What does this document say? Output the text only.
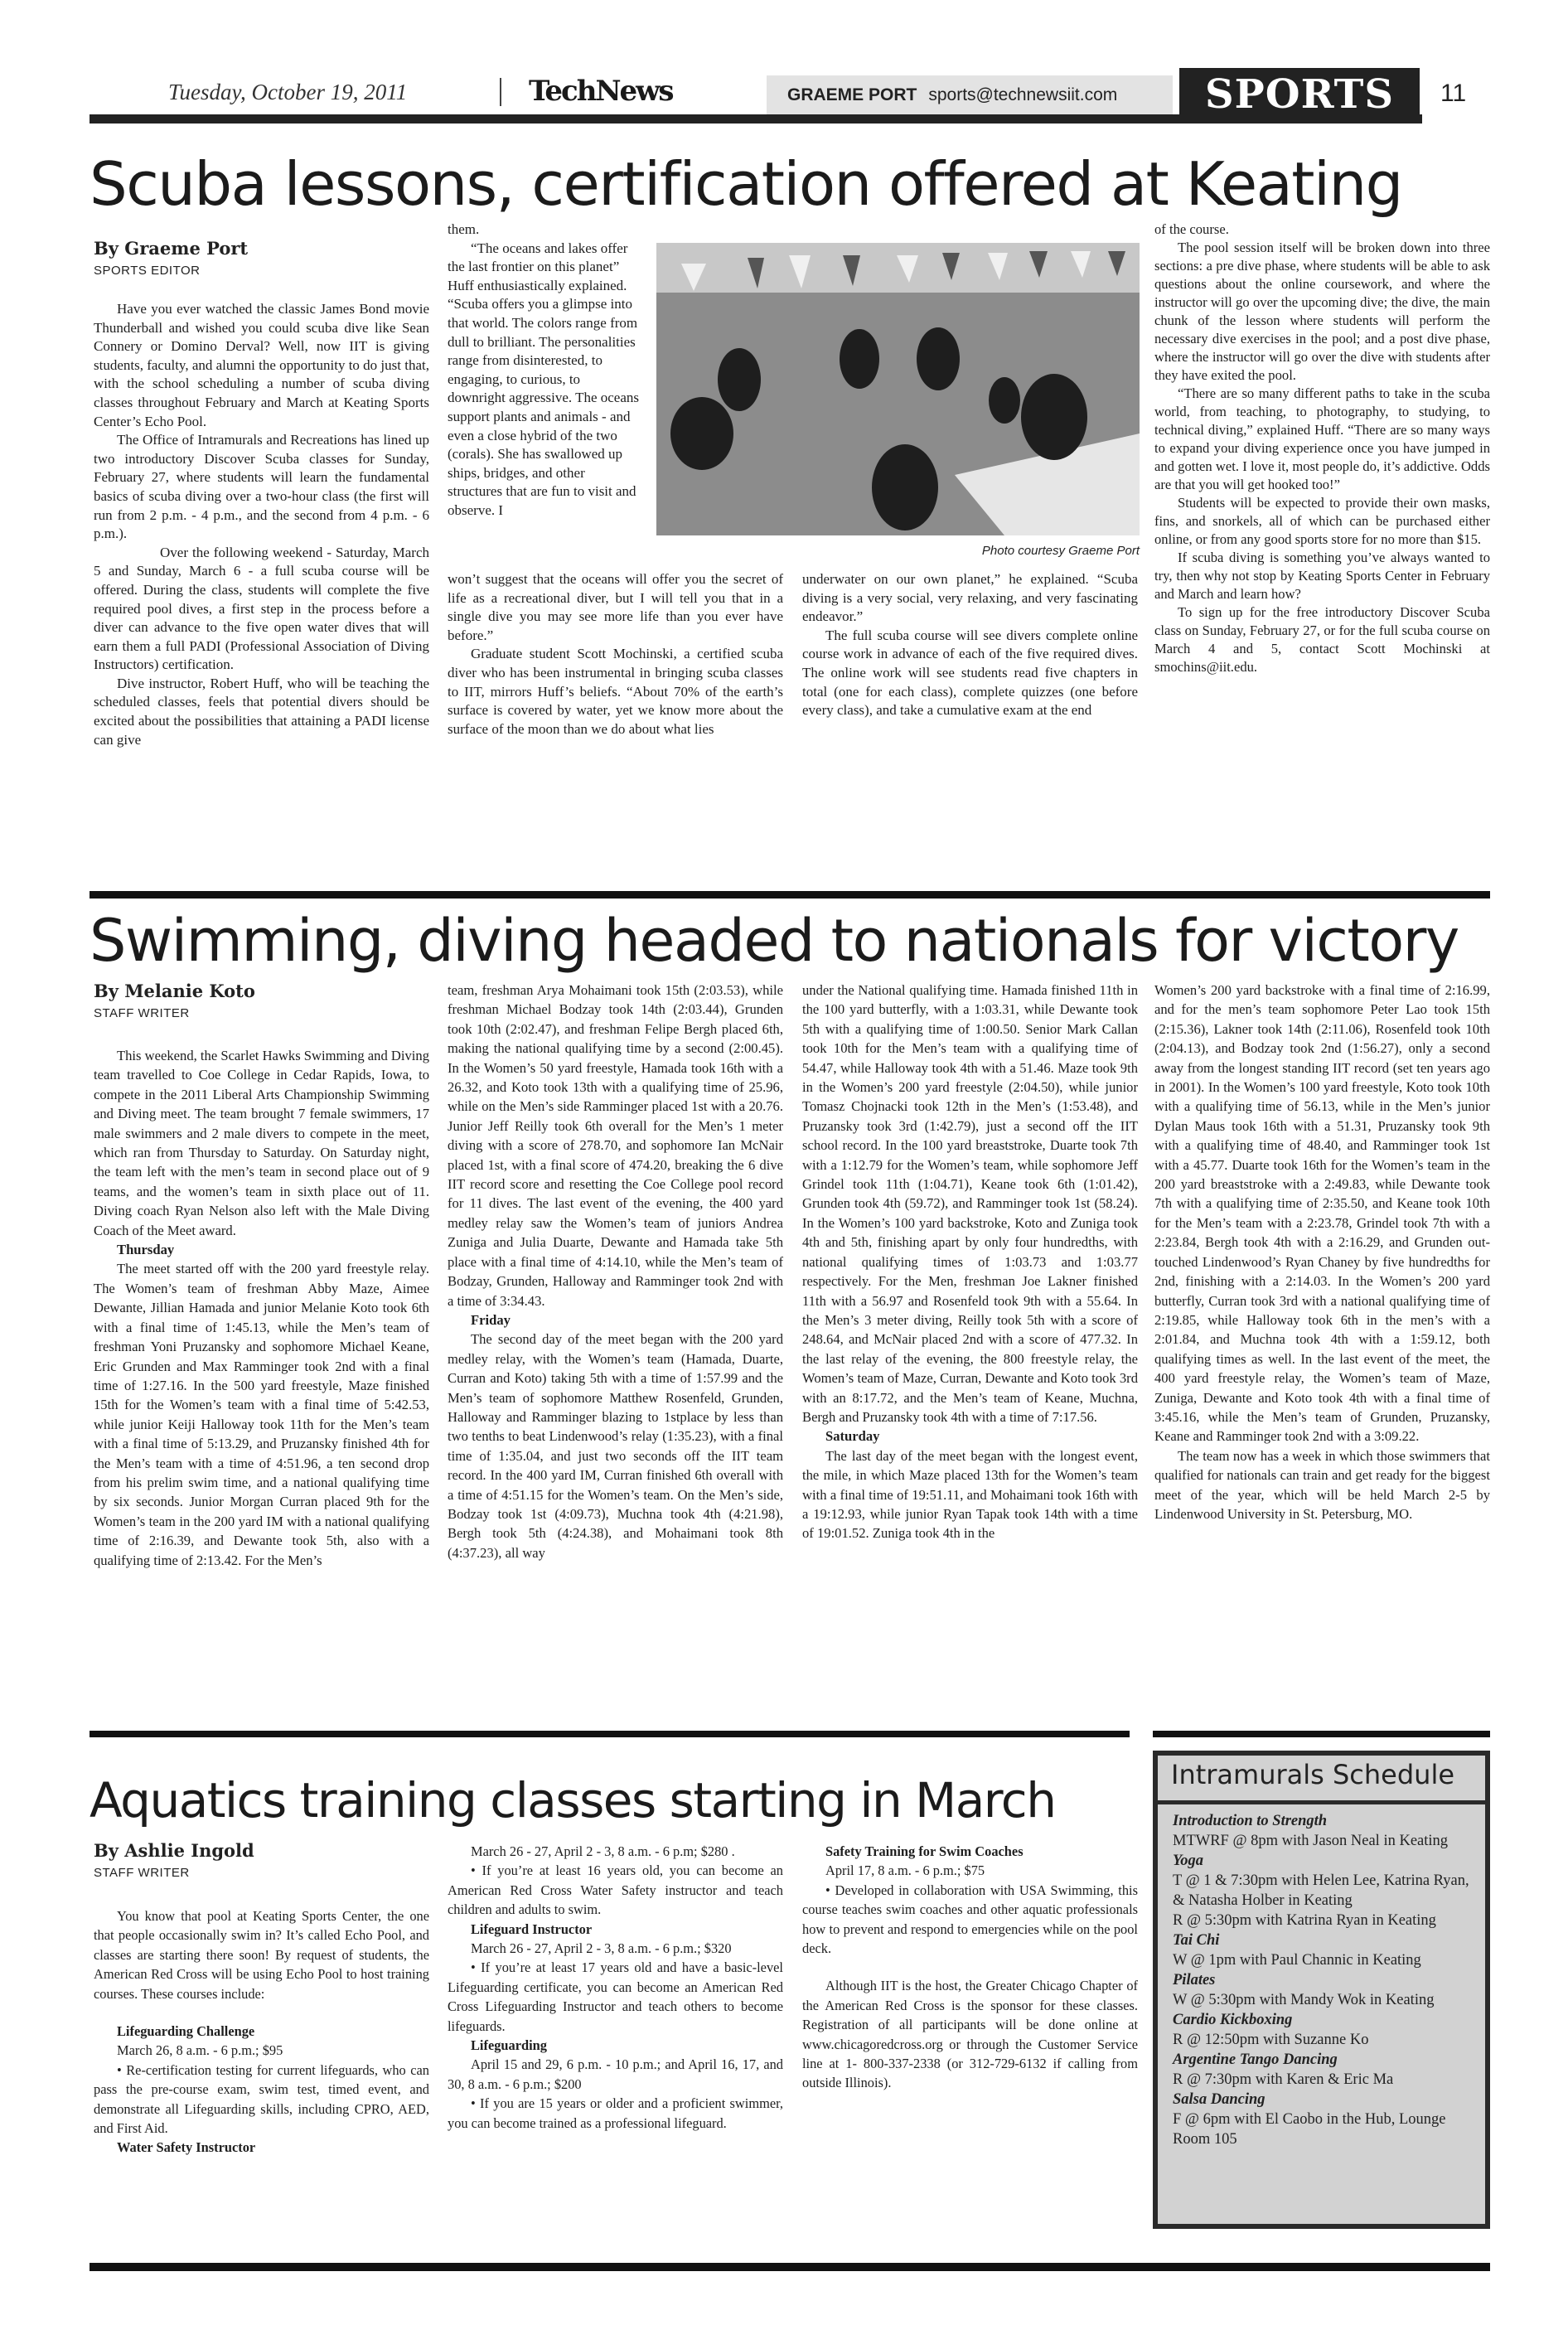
Tuesday, October 19, 2011	TechNews	GRAEME PORT sports@technewsiit.com	SPORTS	11
Scuba lessons, certification offered at Keating
By Graeme Port
SPORTS EDITOR

Have you ever watched the classic James Bond movie Thunderball and wished you could scuba dive like Sean Connery or Domino Derval? Well, now IIT is giving students, faculty, and alumni the opportunity to do just that, with the school scheduling a number of scuba diving classes throughout February and March at Keating Sports Center’s Echo Pool.

The Office of Intramurals and Recreations has lined up two introductory Discover Scuba classes for Sunday, February 27, where students will learn the fundamental basics of scuba diving over a two-hour class (the first will run from 2 p.m. - 4 p.m., and the second from 4 p.m. - 6 p.m.).

Over the following weekend - Saturday, March 5 and Sunday, March 6 - a full scuba course will be offered. During the class, students will complete the five required pool dives, a first step in the process before a diver can advance to the five open water dives that will earn them a full PADI (Professional Association of Diving Instructors) certification.

Dive instructor, Robert Huff, who will be teaching the scheduled classes, feels that potential divers should be excited about the possibilities that attaining a PADI license can give

them.

“The oceans and lakes offer the last frontier on this planet” Huff enthusiastically explained. “Scuba offers you a glimpse into that world. The colors range from dull to brilliant. The personalities range from disinterested, to engaging, to curious, to downright aggressive. The oceans support plants and animals - and even a close hybrid of the two (corals). She has swallowed up ships, bridges, and other structures that are fun to visit and observe. I

Photo courtesy Graeme Port

won’t suggest that the oceans will offer you the secret of life as a recreational diver, but I will tell you that in a single dive you may see more life than you ever have before.”

Graduate student Scott Mochinski, a certified scuba diver who has been instrumental in bringing scuba classes to IIT, mirrors Huff’s beliefs. “About 70% of the earth’s surface is covered by water, yet we know more about the surface of the moon than we do about what lies

underwater on our own planet,” he explained. “Scuba diving is a very social, very relaxing, and very fascinating endeavor.”

The full scuba course will see divers complete online course work in advance of each of the five required dives. The online work will see students read five chapters in total (one for each class), complete quizzes (one before every class), and take a cumulative exam at the end

of the course.

The pool session itself will be broken down into three sections: a pre dive phase, where students will be able to ask questions about the online coursework, and where the instructor will go over the upcoming dive; the dive, the main chunk of the lesson where students will perform the necessary dive exercises in the pool; and a post dive phase, where the instructor will go over the dive with students after they have exited the pool.

“There are so many different paths to take in the scuba world, from teaching, to photography, to studying, to technical diving,” explained Huff. “There are so many ways to expand your diving experience once you have jumped in and gotten wet. I love it, most people do, it’s addictive. Odds are that you will get hooked too!”

Students will be expected to provide their own masks, fins, and snorkels, all of which can be purchased either online, or from any good sports store for no more than $15.

If scuba diving is something you’ve always wanted to try, then why not stop by Keating Sports Center in February and March and learn how?

To sign up for the free introductory Discover Scuba class on Sunday, February 27, or for the full scuba course on March 4 and 5, contact Scott Mochinski at smochins@iit.edu.

Swimming, diving headed to nationals for victory
By Melanie Koto
STAFF WRITER

This weekend, the Scarlet Hawks Swimming and Diving team travelled to Coe College in Cedar Rapids, Iowa, to compete in the 2011 Liberal Arts Championship Swimming and Diving meet. The team brought 7 female swimmers, 17 male swimmers and 2 male divers to compete in the meet, which ran from Thursday to Saturday. On Saturday night, the team left with the men’s team in second place out of 9 teams, and the women’s team in sixth place out of 11. Diving coach Ryan Nelson also left with the Male Diving Coach of the Meet award.

Thursday

The meet started off with the 200 yard freestyle relay. The Women’s team of freshman Abby Maze, Aimee Dewante, Jillian Hamada and junior Melanie Koto took 6th with a final time of 1:45.13, while the Men’s team of freshman Yoni Pruzansky and sophomore Michael Keane, Eric Grunden and Max Ramminger took 2nd with a final time of 1:27.16. In the 500 yard freestyle, Maze finished 15th for the Women’s team with a final time of 5:42.53, while junior Keiji Halloway took 11th for the Men’s team with a final time of 5:13.29, and Pruzansky finished 4th for the Men’s team with a time of 4:51.96, a ten second drop from his prelim swim time, and a national qualifying time by six seconds. Junior Morgan Curran placed 9th for the Women’s team in the 200 yard IM with a national qualifying time of 2:16.39, and Dewante took 5th, also with a qualifying time of 2:13.42. For the Men’s

team, freshman Arya Mohaimani took 15th (2:03.53), while freshman Michael Bodzay took 14th (2:03.44), Grunden took 10th (2:02.47), and freshman Felipe Bergh placed 6th, making the national qualifying time by a second (2:00.45). In the Women’s 50 yard freestyle, Hamada took 16th with a 26.32, and Koto took 13th with a qualifying time of 25.96, while on the Men’s side Ramminger placed 1st with a 20.76. Junior Jeff Reilly took 6th overall for the Men’s 1 meter diving with a score of 278.70, and sophomore Ian McNair placed 1st, with a final score of 474.20, breaking the 6 dive IIT record score and resetting the Coe College pool record for 11 dives. The last event of the evening, the 400 yard medley relay saw the Women’s team of juniors Andrea Zuniga and Julia Duarte, Dewante and Hamada take 5th place with a final time of 4:14.10, while the Men’s team of Bodzay, Grunden, Halloway and Ramminger took 2nd with a time of 3:34.43.

Friday

The second day of the meet began with the 200 yard medley relay, with the Women’s team (Hamada, Duarte, Curran and Koto) taking 5th with a time of 1:57.99 and the Men’s team of sophomore Matthew Rosenfeld, Grunden, Halloway and Ramminger blazing to 1stplace by less than two tenths to beat Lindenwood’s relay (1:35.23), with a final time of 1:35.04, and just two seconds off the IIT team record. In the 400 yard IM, Curran finished 6th overall with a time of 4:51.15 for the Women’s team. On the Men’s side, Bodzay took 1st (4:09.73), Muchna took 4th (4:21.98), Bergh took 5th (4:24.38), and Mohaimani took 8th (4:37.23), all way

under the National qualifying time. Hamada finished 11th in the 100 yard butterfly, with a 1:03.31, while Dewante took 5th with a qualifying time of 1:00.50. Senior Mark Callan took 10th for the Men’s team with a qualifying time of 54.47, while Halloway took 4th with a 51.46. Maze took 9th in the Women’s 200 yard freestyle (2:04.50), while junior Tomasz Chojnacki took 12th in the Men’s (1:53.48), and Pruzansky took 3rd (1:42.79), just a second off the IIT school record. In the 100 yard breaststroke, Duarte took 7th with a 1:12.79 for the Women’s team, while sophomore Jeff Grindel took 11th (1:04.71), Keane took 6th (1:01.42), Grunden took 4th (59.72), and Ramminger took 1st (58.24). In the Women’s 100 yard backstroke, Koto and Zuniga took 4th and 5th, finishing apart by only four hundredths, with national qualifying times of 1:03.73 and 1:03.77 respectively. For the Men, freshman Joe Lakner finished 11th with a 56.97 and Rosenfeld took 9th with a 55.64. In the Men’s 3 meter diving, Reilly took 5th with a score of 248.64, and McNair placed 2nd with a score of 477.32. In the last relay of the evening, the 800 freestyle relay, the Women’s team of Maze, Curran, Dewante and Koto took 3rd with an 8:17.72, and the Men’s team of Keane, Muchna, Bergh and Pruzansky took 4th with a time of 7:17.56.

Saturday

The last day of the meet began with the longest event, the mile, in which Maze placed 13th for the Women’s team with a final time of 19:51.11, and Mohaimani took 16th with a 19:12.93, while junior Ryan Tapak took 14th with a time of 19:01.52. Zuniga took 4th in the

Women’s 200 yard backstroke with a final time of 2:16.99, and for the men’s team sophomore Peter Lao took 15th (2:15.36), Lakner took 14th (2:11.06), Rosenfeld took 10th (2:04.13), and Bodzay took 2nd (1:56.27), only a second away from the longest standing IIT record (set ten years ago in 2001). In the Women’s 100 yard freestyle, Koto took 10th with a qualifying time of 56.13, while in the Men’s junior Dylan Maus took 16th with a 51.31, Pruzansky took 9th with a qualifying time of 48.40, and Ramminger took 1st with a 45.77. Duarte took 16th for the Women’s team in the 200 yard breaststroke with a 2:49.83, while Dewante took 7th with a qualifying time of 2:35.50, and Keane took 10th for the Men’s team with a 2:23.78, Grindel took 7th with a 2:23.84, Bergh took 4th with a 2:16.29, and Grunden out-touched Lindenwood’s Ryan Chaney by five hundredths for 2nd, finishing with a 2:14.03. In the Women’s 200 yard butterfly, Curran took 3rd with a national qualifying time of 2:19.85, while Halloway took 6th in the men’s with a 2:01.84, and Muchna took 4th with a 1:59.12, both qualifying times as well. In the last event of the meet, the 400 yard freestyle relay, the Women’s team of Maze, Zuniga, Dewante and Koto took 4th with a final time of 3:45.16, while the Men’s team of Grunden, Pruzansky, Keane and Ramminger took 2nd with a 3:09.22.

The team now has a week in which those swimmers that qualified for nationals can train and get ready for the biggest meet of the year, which will be held March 2-5 by Lindenwood University in St. Petersburg, MO.

Aquatics training classes starting in March
By Ashlie Ingold
STAFF WRITER

You know that pool at Keating Sports Center, the one that people occasionally swim in? It’s called Echo Pool, and classes are starting there soon! By request of students, the American Red Cross will be using Echo Pool to host training courses. These courses include:

Lifeguarding Challenge

March 26, 8 a.m. - 6 p.m.; $95

• Re-certification testing for current lifeguards, who can pass the pre-course exam, swim test, timed event, and demonstrate all Lifeguarding skills, including CPRO, AED, and First Aid.

Water Safety Instructor

March 26 - 27, April 2 - 3, 8 a.m. - 6 p.m; $280 .

• If you’re at least 16 years old, you can become an American Red Cross Water Safety instructor and teach children and adults to swim.

Lifeguard Instructor

March 26 - 27, April 2 - 3, 8 a.m. - 6 p.m.; $320

• If you’re at least 17 years old and have a basic-level Lifeguarding certificate, you can become an American Red Cross Lifeguarding Instructor and teach others to become lifeguards.

Lifeguarding

April 15 and 29, 6 p.m. - 10 p.m.; and April 16, 17, and 30, 8 a.m. - 6 p.m.; $200

• If you are 15 years or older and a proficient swimmer, you can become trained as a professional lifeguard.

Safety Training for Swim Coaches

April 17, 8 a.m. - 6 p.m.; $75

• Developed in collaboration with USA Swimming, this course teaches swim coaches and other aquatic professionals how to prevent and respond to emergencies while on the pool deck.

Although IIT is the host, the Greater Chicago Chapter of the American Red Cross is the sponsor for these classes. Registration of all participants will be done online at www.chicagoredcross.org or through the Customer Service line at 1- 800-337-2338 (or 312-729-6132 if calling from outside Illinois).

Intramurals Schedule
Introduction to Strength
MTWRF @ 8pm with Jason Neal in Keating
Yoga
T @ 1 & 7:30pm with Helen Lee, Katrina Ryan, & Natasha Holber in Keating
R @ 5:30pm with Katrina Ryan in Keating
Tai Chi
W @ 1pm with Paul Channic in Keating
Pilates
W @ 5:30pm with Mandy Wok in Keating
Cardio Kickboxing
R @ 12:50pm with Suzanne Ko
Argentine Tango Dancing
R @ 7:30pm with Karen & Eric Ma
Salsa Dancing
F @ 6pm with El Caobo in the Hub, Lounge Room 105
